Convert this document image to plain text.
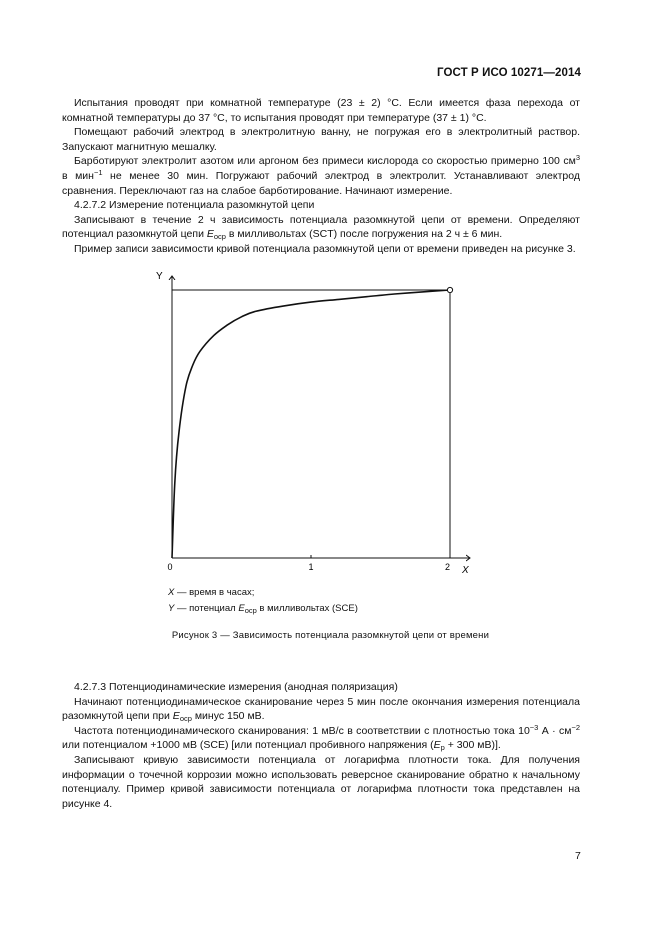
ГОСТ Р ИСО 10271—2014

Испытания проводят при комнатной температуре (23 ± 2) °С. Если имеется фаза перехода от комнатной температуры до 37 °С, то испытания проводят при температуре (37 ± 1) °С.

Помещают рабочий электрод в электролитную ванну, не погружая его в электролитный раствор. Запускают магнитную мешалку.

Барботируют электролит азотом или аргоном без примеси кислорода со скоростью примерно 100 $см^3$ в мин$^{-1}$ не менее 30 мин. Погружают рабочий электрод в электролит. Устанавливают электрод сравнения. Переключают газ на слабое барботирование. Начинают измерение.

4.2.7.2 Измерение потенциала разомкнутой цепи

Записывают в течение 2 ч зависимость потенциала разомкнутой цепи от времени. Определяют потенциал разомкнутой цепи $E_{оср}$ в милливольтах (SCT) после погружения на 2 ч ± 6 мин.

Пример записи зависимости кривой потенциала разомкнутой цепи от времени приведен на рисунке 3.

Y
X
0	1	2
X — время в часах;
Y — потенциал $E_{оср}$ в милливольтах (SCE)
Рисунок 3 — Зависимость потенциала разомкнутой цепи от времени

4.2.7.3 Потенциодинамические измерения (анодная поляризация)

Начинают потенциодинамическое сканирование через 5 мин после окончания измерения потенциала разомкнутой цепи при $E_{оср}$ минус 150 мВ.

Частота потенциодинамического сканирования: 1 мВ/с в соответствии с плотностью тока $10^{-3}$ $А \cdot см^{-2}$ или потенциалом +1000 мВ (SCE) [или потенциал пробивного напряжения ($E_р + 300$ мВ)].

Записывают кривую зависимости потенциала от логарифма плотности тока. Для получения информации о точечной коррозии можно использовать реверсное сканирование обратно к начальному потенциалу. Пример кривой зависимости потенциала от логарифма плотности тока представлен на рисунке 4.

7
